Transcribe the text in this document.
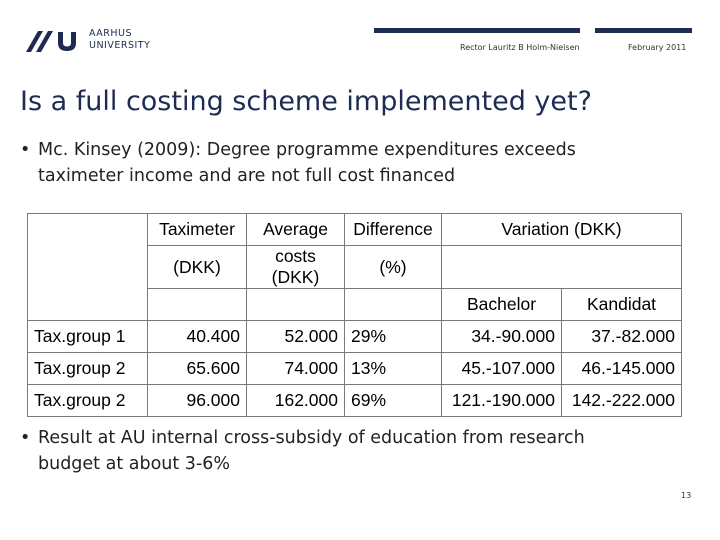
AARHUS
UNIVERSITY	Rector Lauritz B Holm-Nielsen	February 2011
Is a full costing scheme implemented yet?
• Mc. Kinsey (2009): Degree programme expenditures exceeds
taximeter income and are not full cost financed
	Taximeter	Average	Difference	Variation (DKK)	
	(DKK)	costs (DKK)	(%)		
				Bachelor	Kandidat
Tax.group 1	40.400	52.000	29%	34.-90.000	37.-82.000
Tax.group 2	65.600	74.000	13%	45.-107.000	46.-145.000
Tax.group 2	96.000	162.000	69%	121.-190.000	142.-222.000
• Result at AU internal cross-subsidy of education from research
budget at about 3-6%
13
